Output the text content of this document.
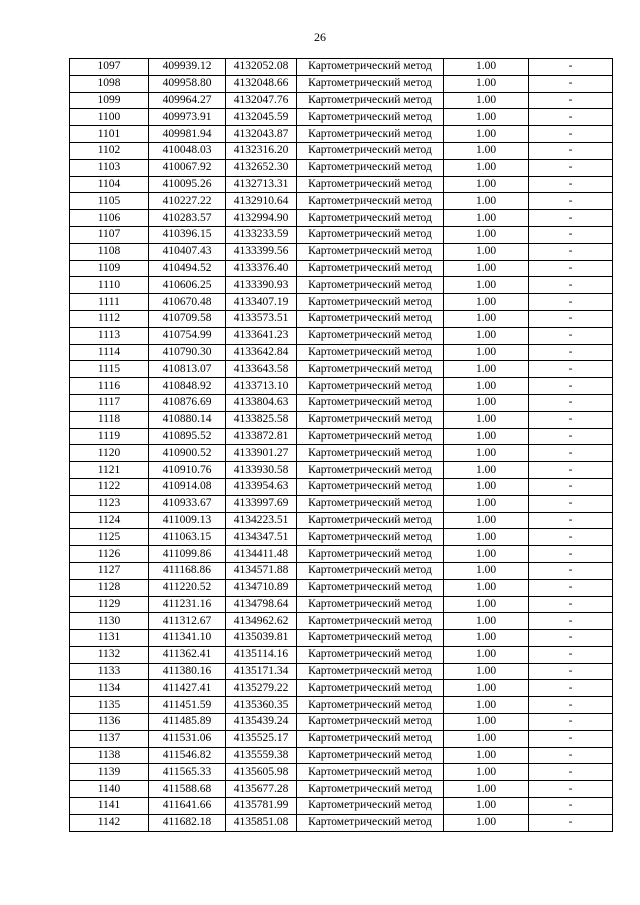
26
1097	409939.12	4132052.08	Картометрический метод	1.00	-
1098	409958.80	4132048.66	Картометрический метод	1.00	-
1099	409964.27	4132047.76	Картометрический метод	1.00	-
1100	409973.91	4132045.59	Картометрический метод	1.00	-
1101	409981.94	4132043.87	Картометрический метод	1.00	-
1102	410048.03	4132316.20	Картометрический метод	1.00	-
1103	410067.92	4132652.30	Картометрический метод	1.00	-
1104	410095.26	4132713.31	Картометрический метод	1.00	-
1105	410227.22	4132910.64	Картометрический метод	1.00	-
1106	410283.57	4132994.90	Картометрический метод	1.00	-
1107	410396.15	4133233.59	Картометрический метод	1.00	-
1108	410407.43	4133399.56	Картометрический метод	1.00	-
1109	410494.52	4133376.40	Картометрический метод	1.00	-
1110	410606.25	4133390.93	Картометрический метод	1.00	-
1111	410670.48	4133407.19	Картометрический метод	1.00	-
1112	410709.58	4133573.51	Картометрический метод	1.00	-
1113	410754.99	4133641.23	Картометрический метод	1.00	-
1114	410790.30	4133642.84	Картометрический метод	1.00	-
1115	410813.07	4133643.58	Картометрический метод	1.00	-
1116	410848.92	4133713.10	Картометрический метод	1.00	-
1117	410876.69	4133804.63	Картометрический метод	1.00	-
1118	410880.14	4133825.58	Картометрический метод	1.00	-
1119	410895.52	4133872.81	Картометрический метод	1.00	-
1120	410900.52	4133901.27	Картометрический метод	1.00	-
1121	410910.76	4133930.58	Картометрический метод	1.00	-
1122	410914.08	4133954.63	Картометрический метод	1.00	-
1123	410933.67	4133997.69	Картометрический метод	1.00	-
1124	411009.13	4134223.51	Картометрический метод	1.00	-
1125	411063.15	4134347.51	Картометрический метод	1.00	-
1126	411099.86	4134411.48	Картометрический метод	1.00	-
1127	411168.86	4134571.88	Картометрический метод	1.00	-
1128	411220.52	4134710.89	Картометрический метод	1.00	-
1129	411231.16	4134798.64	Картометрический метод	1.00	-
1130	411312.67	4134962.62	Картометрический метод	1.00	-
1131	411341.10	4135039.81	Картометрический метод	1.00	-
1132	411362.41	4135114.16	Картометрический метод	1.00	-
1133	411380.16	4135171.34	Картометрический метод	1.00	-
1134	411427.41	4135279.22	Картометрический метод	1.00	-
1135	411451.59	4135360.35	Картометрический метод	1.00	-
1136	411485.89	4135439.24	Картометрический метод	1.00	-
1137	411531.06	4135525.17	Картометрический метод	1.00	-
1138	411546.82	4135559.38	Картометрический метод	1.00	-
1139	411565.33	4135605.98	Картометрический метод	1.00	-
1140	411588.68	4135677.28	Картометрический метод	1.00	-
1141	411641.66	4135781.99	Картометрический метод	1.00	-
1142	411682.18	4135851.08	Картометрический метод	1.00	-
